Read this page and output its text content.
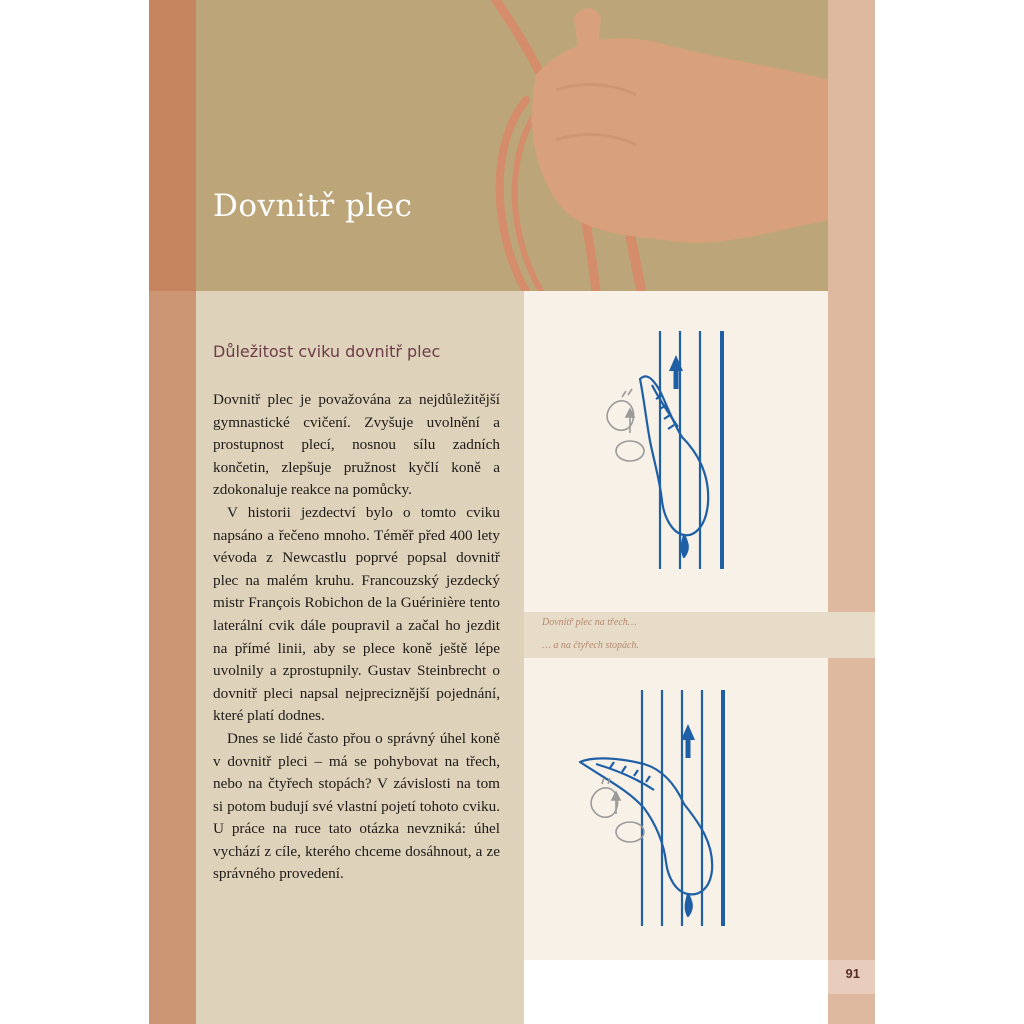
Dovnitř plec
Důležitost cviku dovnitř plec

Dovnitř plec je považována za nejdůležitější gymnastické cvičení. Zvyšuje uvolnění a prostupnost plecí, nosnou sílu zadních končetin, zlepšuje pružnost kyčlí koně a zdokonaluje reakce na pomůcky.

V historii jezdectví bylo o tomto cviku napsáno a řečeno mnoho. Téměř před 400 lety vévoda z Newcastlu poprvé popsal dovnitř plec na malém kruhu. Francouzský jezdecký mistr François Robichon de la Guérinière tento laterální cvik dále poupravil a začal ho jezdit na přímé linii, aby se plece koně ještě lépe uvolnily a zprostupnily. Gustav Steinbrecht o dovnitř pleci napsal nejpreciznější pojednání, které platí dodnes.

Dnes se lidé často přou o správný úhel koně v dovnitř pleci – má se pohybovat na třech, nebo na čtyřech stopách? V závislosti na tom si potom budují své vlastní pojetí tohoto cviku. U práce na ruce tato otázka nevzniká: úhel vychází z cíle, kterého chceme dosáhnout, a ze správného provedení.

Dovnitř plec na třech…
… a na čtyřech stopách.
91
